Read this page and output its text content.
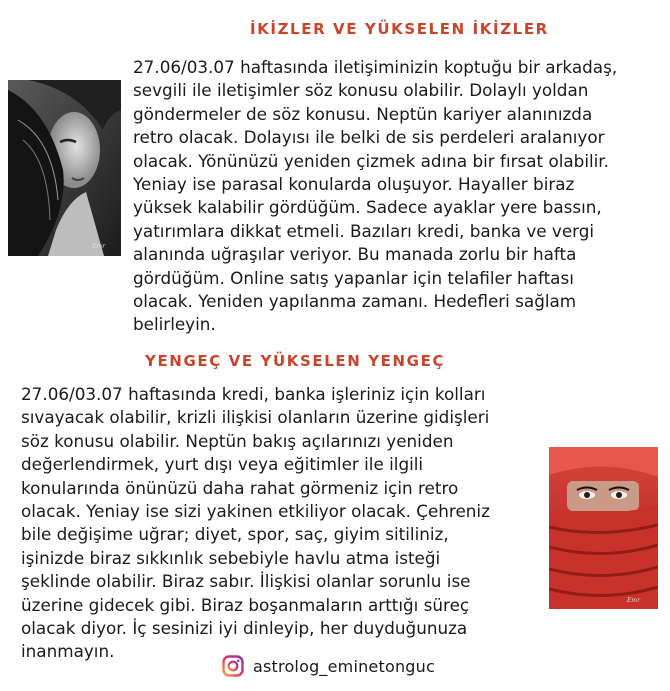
İKİZLER VE YÜKSELEN İKİZLER
Emr
27.06/03.07 haftasında iletişiminizin koptuğu bir arkadaş,
sevgili ile iletişimler söz konusu olabilir. Dolaylı yoldan
göndermeler de söz konusu. Neptün kariyer alanınızda
retro olacak. Dolayısı ile belki de sis perdeleri aralanıyor
olacak. Yönünüzü yeniden çizmek adına bir fırsat olabilir.
Yeniay ise parasal konularda oluşuyor. Hayaller biraz
yüksek kalabilir gördüğüm. Sadece ayaklar yere bassın,
yatırımlara dikkat etmeli. Bazıları kredi, banka ve vergi
alanında uğraşılar veriyor. Bu manada zorlu bir hafta
gördüğüm. Online satış yapanlar için telafiler haftası
olacak. Yeniden yapılanma zamanı. Hedefleri sağlam
belirleyin.
YENGEÇ VE YÜKSELEN YENGEÇ
27.06/03.07 haftasında kredi, banka işleriniz için kolları
sıvayacak olabilir, krizli ilişkisi olanların üzerine gidişleri
söz konusu olabilir. Neptün bakış açılarınızı yeniden
değerlendirmek, yurt dışı veya eğitimler ile ilgili
konularında önünüzü daha rahat görmeniz için retro
olacak. Yeniay ise sizi yakinen etkiliyor olacak. Çehreniz
bile değişime uğrar; diyet, spor, saç, giyim sitiliniz,
işinizde biraz sıkkınlık sebebiyle havlu atma isteği
şeklinde olabilir. Biraz sabır. İlişkisi olanlar sorunlu ise
üzerine gidecek gibi. Biraz boşanmaların arttığı süreç
olacak diyor. İç sesinizi iyi dinleyip, her duyduğunuza
inanmayın.
Emr
astrolog_eminetonguc
